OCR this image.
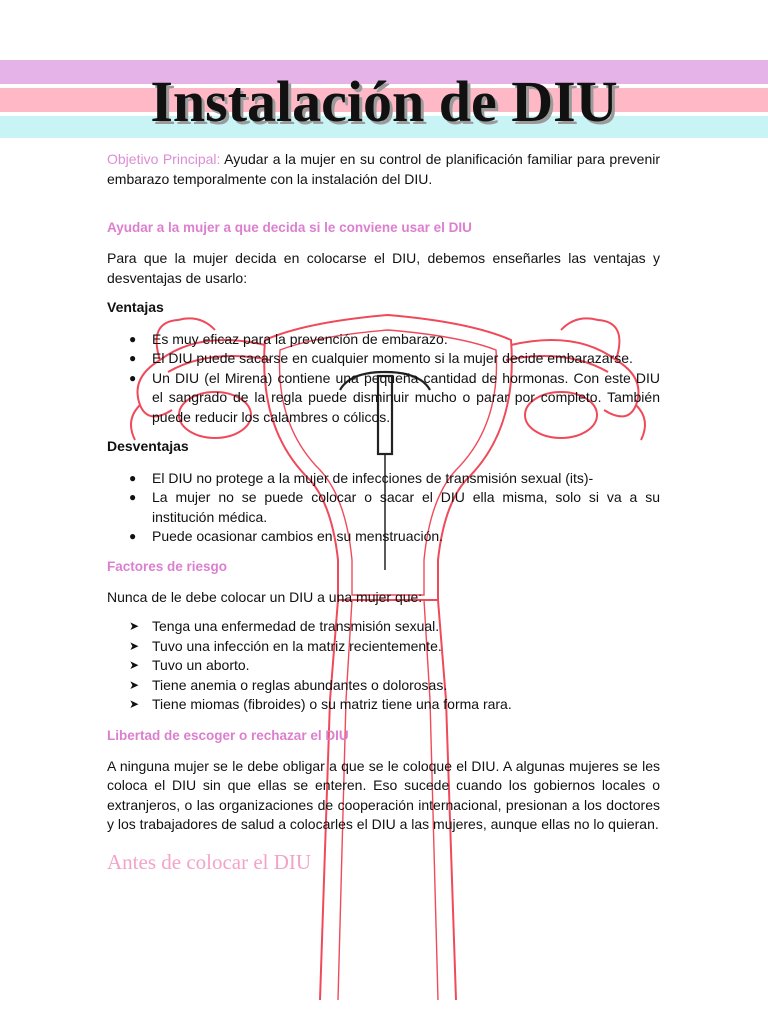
Instalación de DIU

Objetivo Principal: Ayudar a la mujer en su control de planificación familiar para prevenir embarazo temporalmente con la instalación del DIU.

Ayudar a la mujer a que decida si le conviene usar el DIU

Para que la mujer decida en colocarse el DIU, debemos enseñarles las ventajas y desventajas de usarlo:

Ventajas

● Es muy eficaz para la prevención de embarazo.
● El DIU puede sacarse en cualquier momento si la mujer decide embarazarse.
● Un DIU (el Mirena) contiene una pequeña cantidad de hormonas. Con este DIU el sangrado de la regla puede disminuir mucho o parar por completo. También puede reducir los calambres o cólicos.

Desventajas

● El DIU no protege a la mujer de infecciones de transmisión sexual (its)-
● La mujer no se puede colocar o sacar el DIU ella misma, solo si va a su institución médica.
● Puede ocasionar cambios en su menstruación.

Factores de riesgo

Nunca de le debe colocar un DIU a una mujer que:

➤ Tenga una enfermedad de transmisión sexual.
➤ Tuvo una infección en la matriz recientemente.
➤ Tuvo un aborto.
➤ Tiene anemia o reglas abundantes o dolorosas.
➤ Tiene miomas (fibroides) o su matriz tiene una forma rara.

Libertad de escoger o rechazar el DIU

A ninguna mujer se le debe obligar a que se le coloque el DIU. A algunas mujeres se les coloca el DIU sin que ellas se enteren. Eso sucede cuando los gobiernos locales o extranjeros, o las organizaciones de cooperación internacional, presionan a los doctores y los trabajadores de salud a colocarles el DIU a las mujeres, aunque ellas no lo quieran.

Antes de colocar el DIU
